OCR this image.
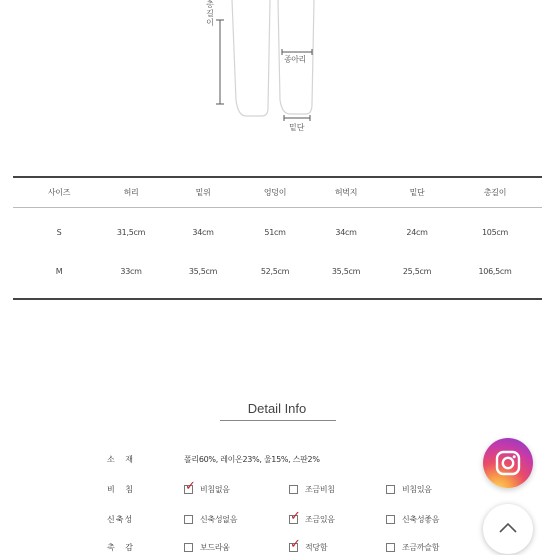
총길이
종아리
밑단
사이즈	허리	밑위	엉덩이	허벅지	밑단	총길이
S	31,5cm	34cm	51cm	34cm	24cm	105cm
M	33cm	35,5cm	52,5cm	35,5cm	25,5cm	106,5cm
Detail Info
소 재	폴리60%, 레이온23%, 울15%, 스판2%
비 침	✓ 비침없음	조금비침	비침있음
신축성	신축성없음	✓ 조금있음	신축성좋음
촉 감	보드라움	✓ 적당함	조금까슬함
